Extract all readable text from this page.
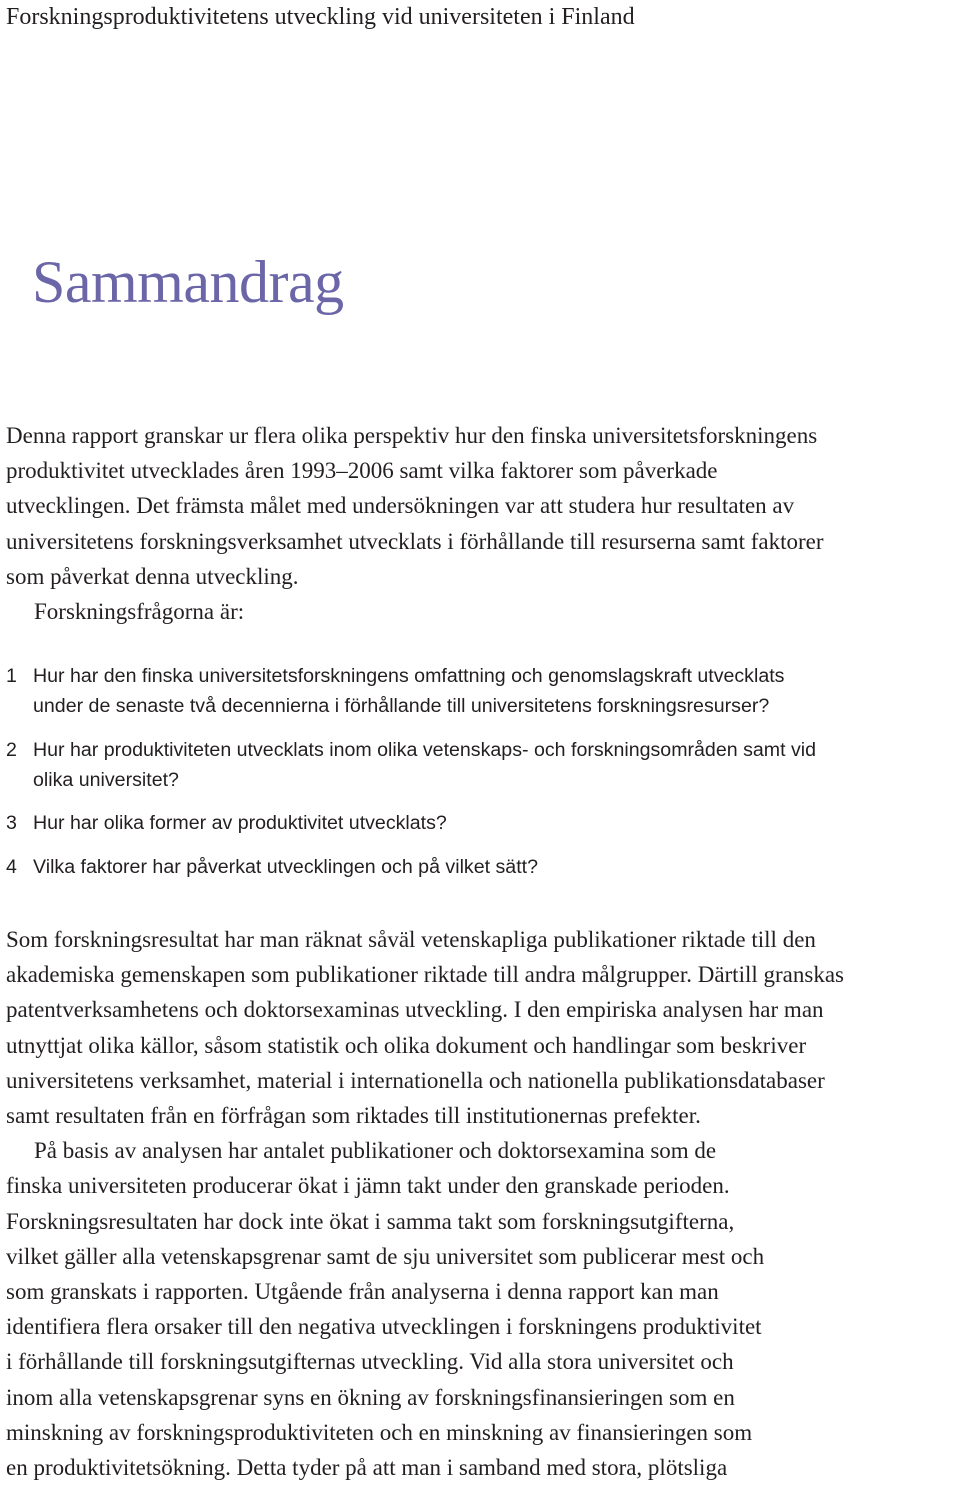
Forskningsproduktivitetens utveckling vid universiteten i Finland
Sammandrag
Denna rapport granskar ur flera olika perspektiv hur den finska universitetsforskningens
produktivitet utvecklades åren 1993–2006 samt vilka faktorer som påverkade
utvecklingen. Det främsta målet med undersökningen var att studera hur resultaten av
universitetens forskningsverksamhet utvecklats i förhållande till resurserna samt faktorer
som påverkat denna utveckling.
Forskningsfrågorna är:
1 Hur har den finska universitetsforskningens omfattning och genomslagskraft utvecklats
under de senaste två decennierna i förhållande till universitetens forskningsresurser?
2 Hur har produktiviteten utvecklats inom olika vetenskaps- och forskningsområden samt vid
olika universitet?
3 Hur har olika former av produktivitet utvecklats?
4 Vilka faktorer har påverkat utvecklingen och på vilket sätt?
Som forskningsresultat har man räknat såväl vetenskapliga publikationer riktade till den
akademiska gemenskapen som publikationer riktade till andra målgrupper. Därtill granskas
patentverksamhetens och doktorsexaminas utveckling. I den empiriska analysen har man
utnyttjat olika källor, såsom statistik och olika dokument och handlingar som beskriver
universitetens verksamhet, material i internationella och nationella publikationsdatabaser
samt resultaten från en förfrågan som riktades till institutionernas prefekter.
På basis av analysen har antalet publikationer och doktorsexamina som de
finska universiteten producerar ökat i jämn takt under den granskade perioden.
Forskningsresultaten har dock inte ökat i samma takt som forskningsutgifterna,
vilket gäller alla vetenskapsgrenar samt de sju universitet som publicerar mest och
som granskats i rapporten. Utgående från analyserna i denna rapport kan man
identifiera flera orsaker till den negativa utvecklingen i forskningens produktivitet
i förhållande till forskningsutgifternas utveckling. Vid alla stora universitet och
inom alla vetenskapsgrenar syns en ökning av forskningsfinansieringen som en
minskning av forskningsproduktiviteten och en minskning av finansieringen som
en produktivitetsökning. Detta tyder på att man i samband med stora, plötsliga
